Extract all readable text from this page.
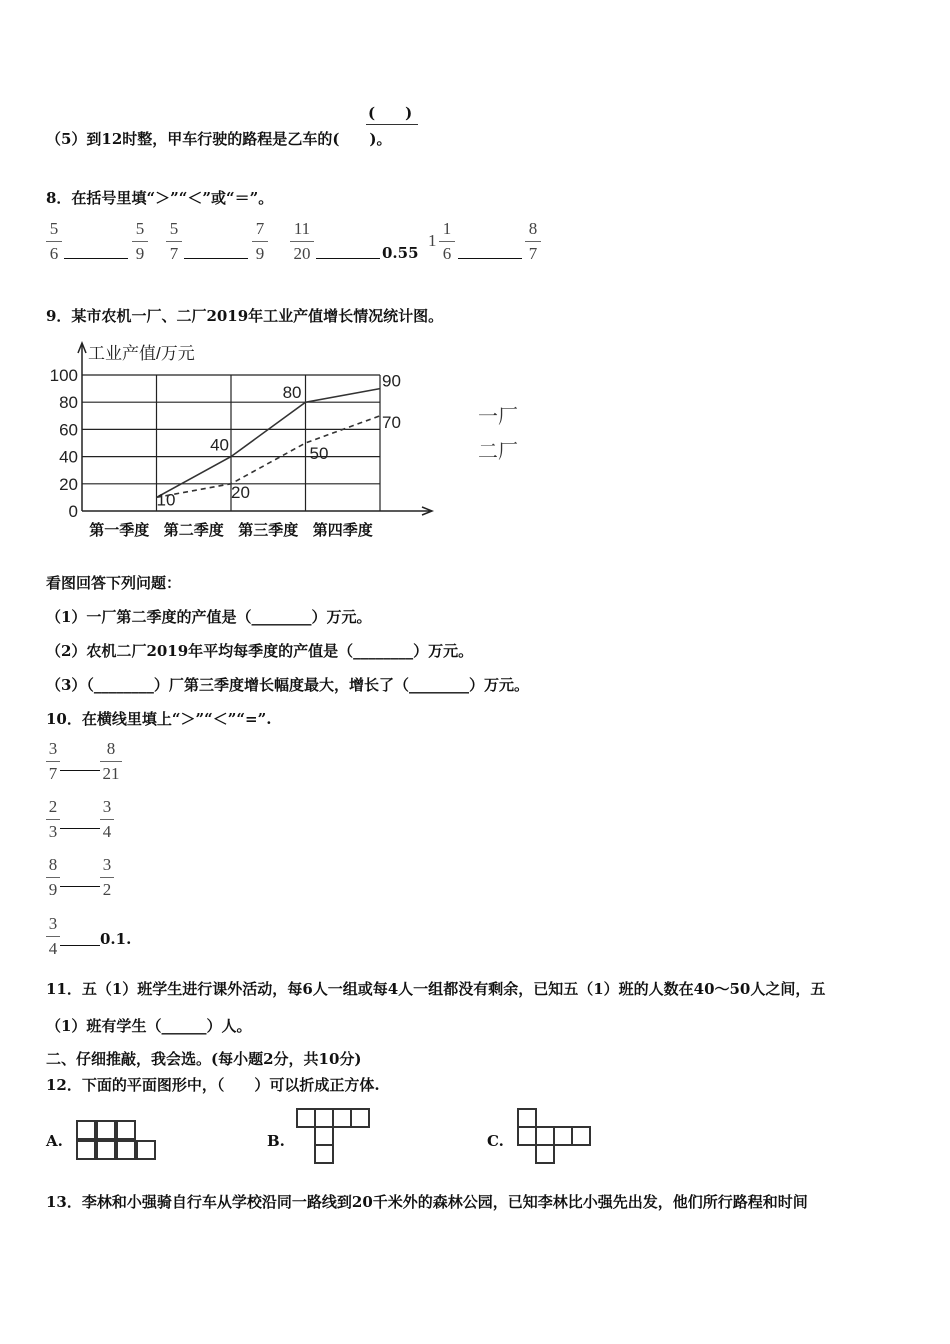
(　　)
（5）到12时整，甲车行驶的路程是乙车的(　　)。
8．在括号里填“＞”“＜”或“＝”。
5
6
5
9
5
7
7
9
11
20	0.55
1
1
6
8
7
9．某市农机一厂、二厂2019年工业产值增长情况统计图。
工业产值/万元
0
20
40
60
80
100
第一季度 第二季度 第三季度 第四季度
10
40
80
90
20
50
70	一厂
二厂
看图回答下列问题：
（1）一厂第二季度的产值是（________）万元。
（2）农机二厂2019年平均每季度的产值是（________）万元。
（3）（________）厂第三季度增长幅度最大，增长了（________）万元。
10．在横线里填上“＞”“＜”“=”.
3
7
8
21
2
3
3
4
8
9
3
2
3
4	0.1.
11．五（1）班学生进行课外活动，每6人一组或每4人一组都没有剩余，已知五（1）班的人数在40～50人之间，五
（1）班有学生（______）人。
二、仔细推敲，我会选。(每小题2分，共10分)
12．下面的平面图形中，（　　）可以折成正方体.
A.	B.	C.
13．李林和小强骑自行车从学校沿同一路线到20千米外的森林公园，已知李林比小强先出发，他们所行路程和时间
